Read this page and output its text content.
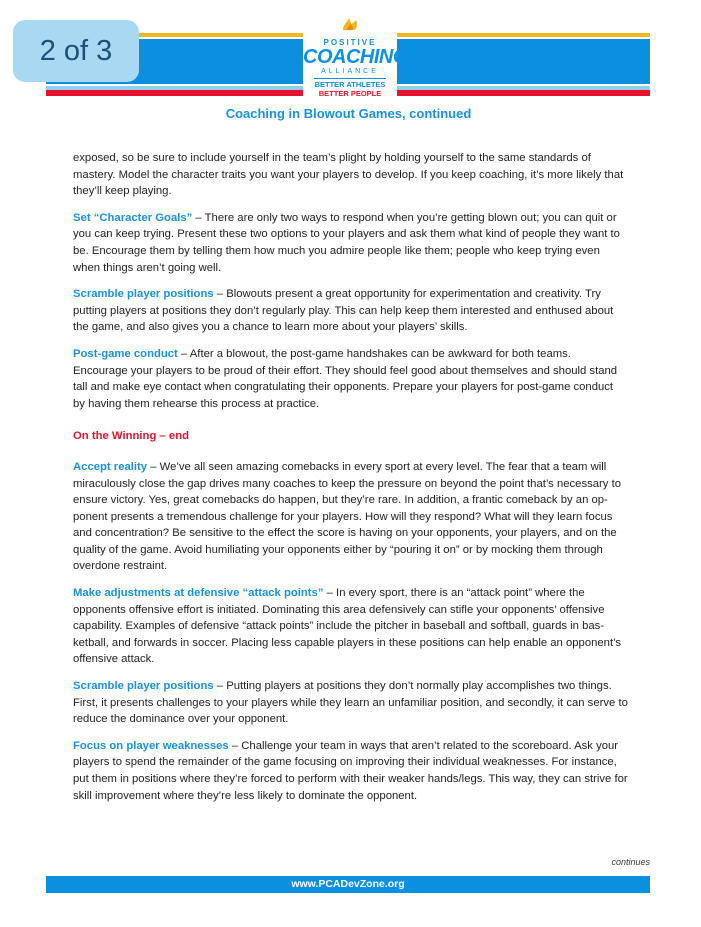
2 of 3	POSITIVE
COACHING
ALLIANCE
BETTER ATHLETES
BETTER PEOPLE
Coaching in Blowout Games, continued

exposed, so be sure to include yourself in the team’s plight by holding yourself to the same standards of mastery. Model the character traits you want your players to develop. If you keep coaching, it’s more likely that they’ll keep playing.

Set “Character Goals” – There are only two ways to respond when you’re getting blown out; you can quit or you can keep trying. Present these two options to your players and ask them what kind of people they want to be. Encourage them by telling them how much you admire people like them; people who keep trying even when things aren’t going well.

Scramble player positions – Blowouts present a great opportunity for experimentation and creativity. Try putting players at positions they don’t regularly play. This can help keep them interested and enthused about the game, and also gives you a chance to learn more about your players’ skills.

Post-game conduct – After a blowout, the post-game handshakes can be awkward for both teams. Encourage your players to be proud of their effort. They should feel good about themselves and should stand tall and make eye contact when congratulating their opponents. Prepare your players for post-game conduct by having them rehearse this process at practice.

On the Winning – end

Accept reality – We’ve all seen amazing comebacks in every sport at every level. The fear that a team will miraculously close the gap drives many coaches to keep the pressure on beyond the point that’s necessary to ensure victory. Yes, great comebacks do happen, but they’re rare. In addition, a frantic comeback by an op-ponent presents a tremendous challenge for your players. How will they respond? What will they learn focus and concentration? Be sensitive to the effect the score is having on your opponents, your players, and on the quality of the game. Avoid humiliating your opponents either by “pouring it on” or by mocking them through overdone restraint.

Make adjustments at defensive “attack points” – In every sport, there is an “attack point” where the opponents offensive effort is initiated. Dominating this area defensively can stifle your opponents’ offensive capability. Examples of defensive “attack points” include the pitcher in baseball and softball, guards in bas-ketball, and forwards in soccer. Placing less capable players in these positions can help enable an opponent’s offensive attack.

Scramble player positions – Putting players at positions they don’t normally play accomplishes two things. First, it presents challenges to your players while they learn an unfamiliar position, and secondly, it can serve to reduce the dominance over your opponent.

Focus on player weaknesses – Challenge your team in ways that aren’t related to the scoreboard. Ask your players to spend the remainder of the game focusing on improving their individual weaknesses. For instance, put them in positions where they’re forced to perform with their weaker hands/legs. This way, they can strive for skill improvement where they’re less likely to dominate the opponent.

continues
www.PCADevZone.org
